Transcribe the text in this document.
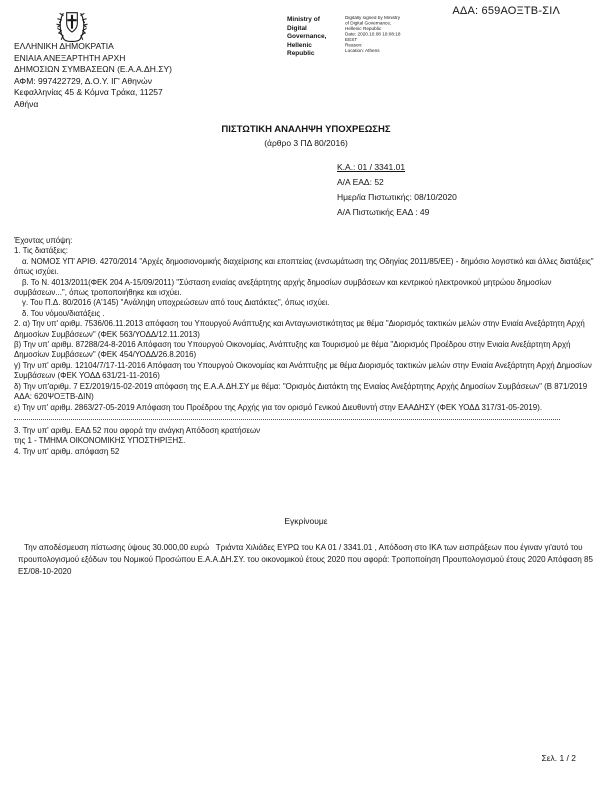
ΑΔΑ: 659ΑΟΞΤΒ-ΣΙΛ
ΕΛΛΗΝΙΚΗ ΔΗΜΟΚΡΑΤΙΑ
ΕΝΙΑΙΑ ΑΝΕΞΑΡΤΗΤΗ ΑΡΧΗ
ΔΗΜΟΣΙΩΝ ΣΥΜΒΑΣΕΩΝ (Ε.Α.Α.ΔΗ.ΣΥ)
ΑΦΜ: 997422729, Δ.Ο.Υ. ΙΓ' Αθηνών
Κεφαλληνίας 45 & Κόμνα Τράκα, 11257
Αθήνα
Ministry of Digital
Governance,
Hellenic Republic
Digitally signed by Ministry
of Digital Governance,
Hellenic Republic
Date: 2020.10.08 10:08:18
EEST
Reason:
Location: Athens
ΠΙΣΤΩΤΙΚΗ ΑΝΑΛΗΨΗ ΥΠΟΧΡΕΩΣΗΣ
(άρθρο 3 ΠΔ 80/2016)
Κ.Α.: 01 / 3341.01
Α/Α ΕΑΔ: 52
Ημερ/ία Πιστωτικής: 08/10/2020
Α/Α Πιστωτικής ΕΑΔ : 49

Έχοντας υπόψη:

1. Τις διατάξεις:

α. ΝΟΜΟΣ ΥΠ' ΑΡΙΘ. 4270/2014 "Αρχές δημοσιονομικής διαχείρισης και εποπτείας (ενσωμάτωση της Οδηγίας 2011/85/ΕΕ) - δημόσιο λογιστικό και άλλες διατάξεις" όπως ισχύει.

β. Το Ν. 4013/2011(ΦΕΚ 204 Α-15/09/2011) "Σύσταση ενιαίας ανεξάρτητης αρχής δημοσίων συμβάσεων και κεντρικού ηλεκτρονικού μητρώου δημοσίων συμβάσεων...", όπως τροποποιήθηκε και ισχύει.

γ. Του Π.Δ. 80/2016 (Α'145) "Ανάληψη υποχρεώσεων από τους Διατάκτες", όπως ισχύει.

δ. Του νόμου/διατάξεις .

2. α) Την υπ' αριθμ. 7536/06.11.2013 απόφαση του Υπουργού Ανάπτυξης και Ανταγωνιστικότητας με θέμα "Διορισμός τακτικών μελών στην Ενιαία Ανεξάρτητη Αρχή Δημοσίων Συμβάσεων" (ΦΕΚ 563/ΥΟΔΔ/12.11.2013)

β) Την υπ' αριθμ. 87288/24-8-2016 Απόφαση του Υπουργού Οικονομίας, Ανάπτυξης και Τουρισμού με θέμα "Διορισμός Προέδρου στην Ενιαία Ανεξάρτητη Αρχή Δημοσίων Συμβάσεων" (ΦΕΚ 454/ΥΟΔΔ/26.8.2016)

γ) Την υπ' αριθμ. 12104/7/17-11-2016 Απόφαση του Υπουργού Οικονομίας και Ανάπτυξης με θέμα Διορισμός τακτικών μελών στην Ενιαία Ανεξάρτητη Αρχή Δημοσίων Συμβάσεων (ΦΕΚ ΥΟΔΔ 631/21-11-2016)

δ) Την υπ'αριθμ. 7 ΕΣ/2019/15-02-2019 απόφαση της Ε.Α.Α.ΔΗ.ΣΥ με θέμα: "Ορισμός Διατάκτη της Ενιαίας Ανεξάρτητης Αρχής Δημοσίων Συμβάσεων" (Β 871/2019 ΑΔΑ: 620ΨΟΞΤΒ-ΔΙΝ)

ε) Την υπ' αριθμ. 2863/27-05-2019 Απόφαση του Προέδρου της Αρχής για τον ορισμό Γενικού Διευθυντή στην ΕΑΑΔΗΣΥ (ΦΕΚ ΥΟΔΔ 317/31-05-2019).

3. Την υπ' αριθμ. ΕΑΔ 52 που αφορά την ανάγκη Απόδοση κρατήσεων

της 1 - ΤΜΗΜΑ ΟΙΚΟΝΟΜΙΚΗΣ ΥΠΟΣΤΗΡΙΞΗΣ.

4. Την υπ' αριθμ. απόφαση 52

Εγκρίνουμε

Την αποδέσμευση πίστωσης ύψους 30.000,00 ευρώ   Τριάντα Χιλιάδες ΕΥΡΩ του ΚΑ 01 / 3341.01 , Απόδοση στο ΙΚΑ των εισπράξεων που έγιναν γι'αυτό του προυπολογισμού εξόδων του Νομικού Προσώπου Ε.Α.Α.ΔΗ.ΣΥ. του οικονομικού έτους 2020 που αφορά: Τροποποίηση Προυπολογισμού έτους 2020 Απόφαση 85 ΕΣ/08-10-2020

Σελ. 1 / 2
